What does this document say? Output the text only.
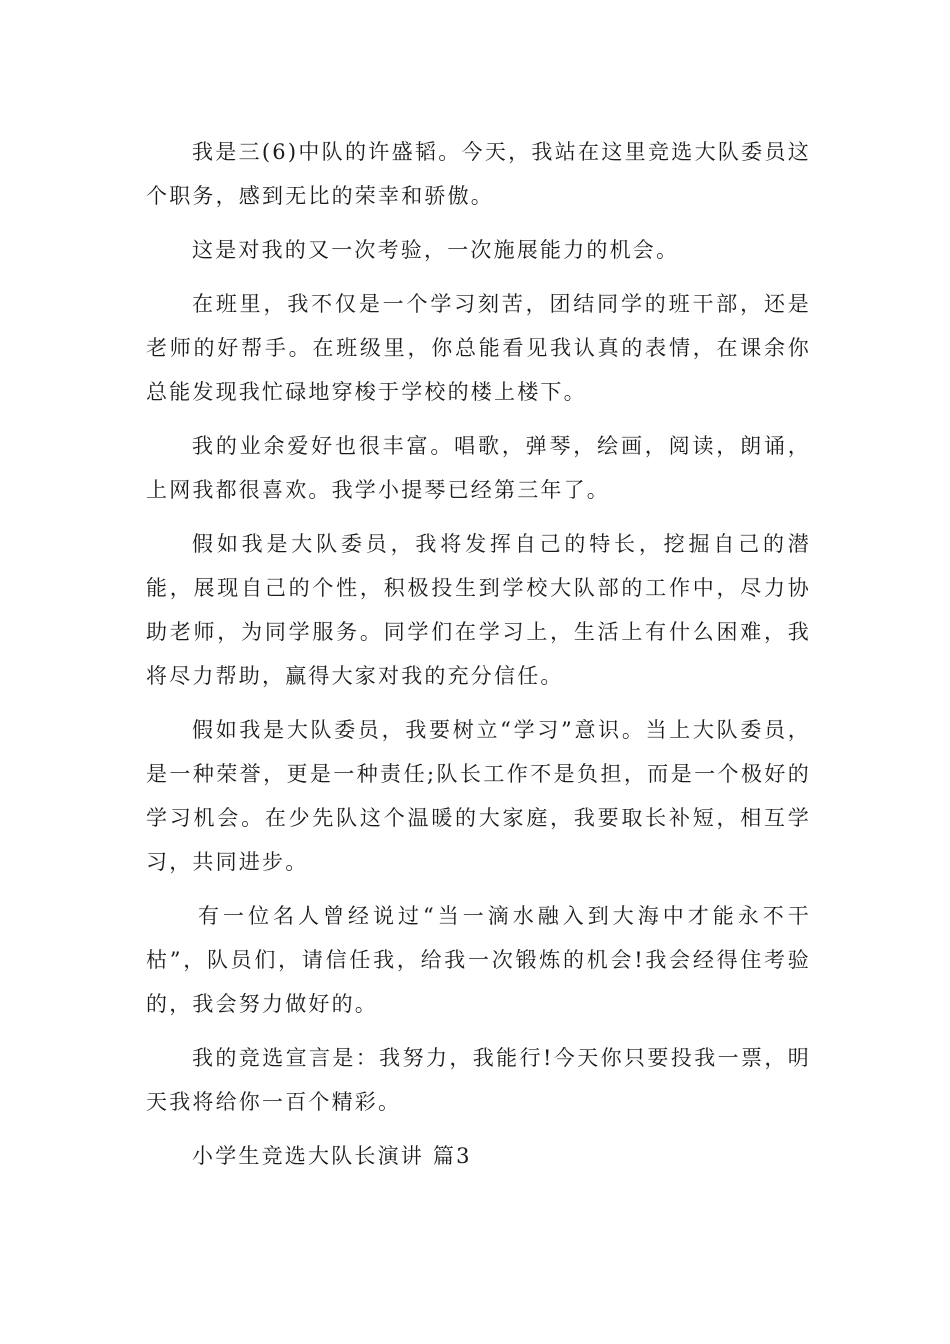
我是三(6)中队的许盛韬。今天，我站在这里竞选大队委员这个职务，感到无比的荣幸和骄傲。

这是对我的又一次考验，一次施展能力的机会。

在班里，我不仅是一个学习刻苦，团结同学的班干部，还是老师的好帮手。在班级里，你总能看见我认真的表情，在课余你总能发现我忙碌地穿梭于学校的楼上楼下。

我的业余爱好也很丰富。唱歌，弹琴，绘画，阅读，朗诵，上网我都很喜欢。我学小提琴已经第三年了。

假如我是大队委员，我将发挥自己的特长，挖掘自己的潜能，展现自己的个性，积极投生到学校大队部的工作中，尽力协助老师，为同学服务。同学们在学习上，生活上有什么困难，我将尽力帮助，赢得大家对我的充分信任。

假如我是大队委员，我要树立“学习”意识。当上大队委员，是一种荣誉，更是一种责任;队长工作不是负担，而是一个极好的学习机会。在少先队这个温暖的大家庭，我要取长补短，相互学习，共同进步。

有一位名人曾经说过“当一滴水融入到大海中才能永不干枯”，队员们，请信任我，给我一次锻炼的机会!我会经得住考验的，我会努力做好的。

我的竞选宣言是：我努力，我能行!今天你只要投我一票，明天我将给你一百个精彩。

小学生竞选大队长演讲 篇3
